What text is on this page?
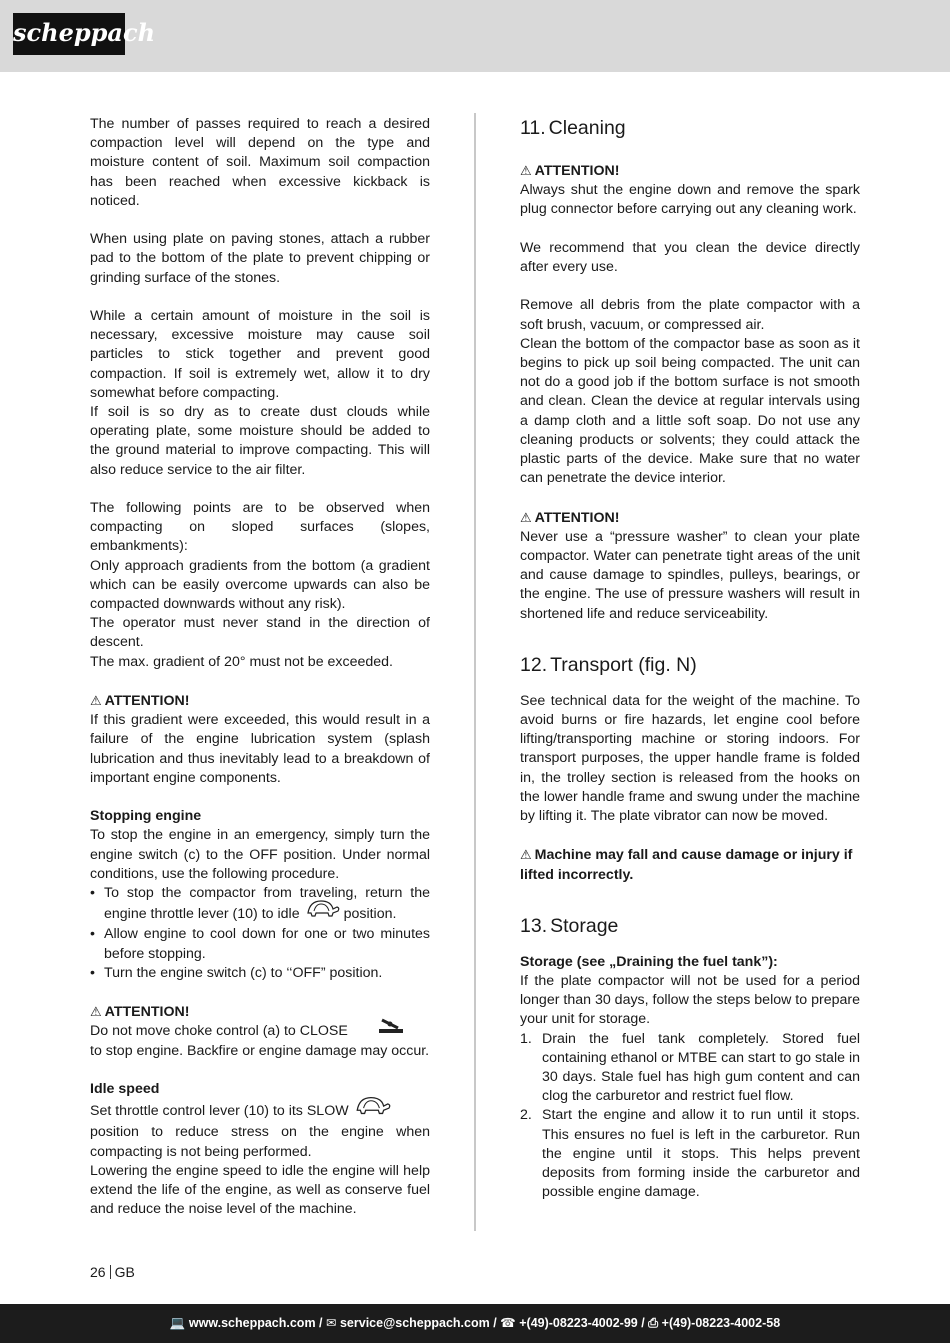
scheppach

The number of passes required to reach a desired compaction level will depend on the type and moisture content of soil. Maximum soil compaction has been reached when excessive kickback is noticed.

When using plate on paving stones, attach a rubber pad to the bottom of the plate to prevent chipping or grinding surface of the stones.

While a certain amount of moisture in the soil is necessary, excessive moisture may cause soil particles to stick together and prevent good compaction. If soil is extremely wet, allow it to dry somewhat before compacting.

If soil is so dry as to create dust clouds while operating plate, some moisture should be added to the ground material to improve compacting. This will also reduce service to the air filter.

The following points are to be observed when compacting on sloped surfaces (slopes, embankments):

Only approach gradients from the bottom (a gradient which can be easily overcome upwards can also be compacted downwards without any risk).

The operator must never stand in the direction of descent.

The max. gradient of 20° must not be exceeded.

⚠ ATTENTION!

If this gradient were exceeded, this would result in a failure of the engine lubrication system (splash lubrication and thus inevitably lead to a breakdown of important engine components.

Stopping engine

To stop the engine in an emergency, simply turn the engine switch (c) to the OFF position. Under normal conditions, use the following procedure.

• To stop the compactor from traveling, return the engine throttle lever (10) to idle	position.
• Allow engine to cool down for one or two minutes before stopping.
• Turn the engine switch (c) to ‘‘OFF” position.

⚠ ATTENTION!

Do not move choke control (a) to CLOSE

to stop engine. Backfire or engine damage may occur.

Idle speed

Set throttle control lever (10) to its SLOW

position to reduce stress on the engine when compacting is not being performed.

Lowering the engine speed to idle the engine will help extend the life of the engine, as well as conserve fuel and reduce the noise level of the machine.

11. Cleaning

⚠ ATTENTION!

Always shut the engine down and remove the spark plug connector before carrying out any cleaning work.

We recommend that you clean the device directly after every use.

Remove all debris from the plate compactor with a soft brush, vacuum, or compressed air.

Clean the bottom of the compactor base as soon as it begins to pick up soil being compacted. The unit can not do a good job if the bottom surface is not smooth and clean. Clean the device at regular intervals using a damp cloth and a little soft soap. Do not use any cleaning products or solvents; they could attack the plastic parts of the device. Make sure that no water can penetrate the device interior.

⚠ ATTENTION!

Never use a “pressure washer” to clean your plate compactor. Water can penetrate tight areas of the unit and cause damage to spindles, pulleys, bearings, or the engine. The use of pressure washers will result in shortened life and reduce serviceability.

12. Transport (fig. N)

See technical data for the weight of the machine. To avoid burns or fire hazards, let engine cool before lifting/transporting machine or storing indoors. For transport purposes, the upper handle frame is folded in, the trolley section is released from the hooks on the lower handle frame and swung under the machine by lifting it. The plate vibrator can now be moved.

⚠ Machine may fall and cause damage or injury if lifted incorrectly.

13. Storage

Storage (see „Draining the fuel tank”):

If the plate compactor will not be used for a period longer than 30 days, follow the steps below to prepare your unit for storage.

1. Drain the fuel tank completely. Stored fuel containing ethanol or MTBE can start to go stale in 30 days. Stale fuel has high gum content and can clog the carburetor and restrict fuel flow.
2. Start the engine and allow it to run until it stops. This ensures no fuel is left in the carburetor. Run the engine until it stops. This helps prevent deposits from forming inside the carburetor and possible engine damage.
26 GB
💻 www.scheppach.com / ✉ service@scheppach.com / ☎ +(49)-08223-4002-99 / ⎙ +(49)-08223-4002-58
